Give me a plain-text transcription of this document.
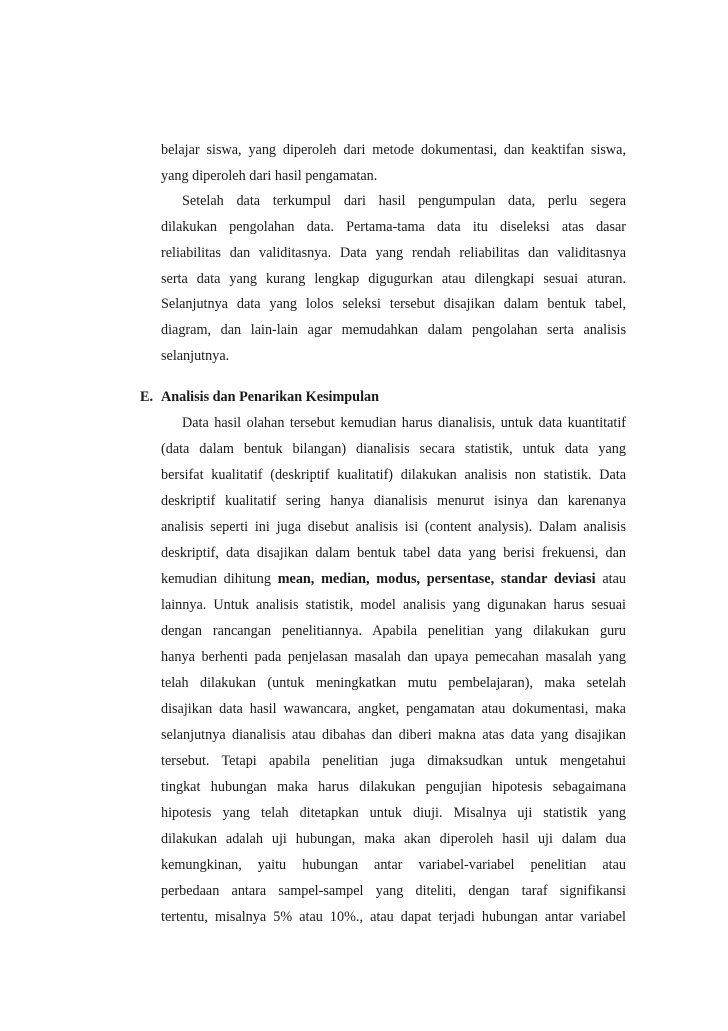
belajar siswa, yang diperoleh dari metode dokumentasi, dan keaktifan siswa,
yang diperoleh dari hasil pengamatan.
Setelah data terkumpul dari hasil pengumpulan data, perlu segera
dilakukan pengolahan data. Pertama-tama data itu diseleksi atas dasar
reliabilitas dan validitasnya. Data yang rendah reliabilitas dan validitasnya
serta data yang kurang lengkap digugurkan atau dilengkapi sesuai aturan.
Selanjutnya data yang lolos seleksi tersebut disajikan dalam bentuk tabel,
diagram, dan lain-lain agar memudahkan dalam pengolahan serta analisis
selanjutnya.
E. Analisis dan Penarikan Kesimpulan
Data hasil olahan tersebut kemudian harus dianalisis, untuk data kuantitatif
(data dalam bentuk bilangan) dianalisis secara statistik, untuk data yang
bersifat kualitatif (deskriptif kualitatif) dilakukan analisis non statistik. Data
deskriptif kualitatif sering hanya dianalisis menurut isinya dan karenanya
analisis seperti ini juga disebut analisis isi (content analysis). Dalam analisis
deskriptif, data disajikan dalam bentuk tabel data yang berisi frekuensi, dan
kemudian dihitung mean, median, modus, persentase, standar deviasi atau
lainnya. Untuk analisis statistik, model analisis yang digunakan harus sesuai
dengan rancangan penelitiannya. Apabila penelitian yang dilakukan guru
hanya berhenti pada penjelasan masalah dan upaya pemecahan masalah yang
telah dilakukan (untuk meningkatkan mutu pembelajaran), maka setelah
disajikan data hasil wawancara, angket, pengamatan atau dokumentasi, maka
selanjutnya dianalisis atau dibahas dan diberi makna atas data yang disajikan
tersebut. Tetapi apabila penelitian juga dimaksudkan untuk mengetahui
tingkat hubungan maka harus dilakukan pengujian hipotesis sebagaimana
hipotesis yang telah ditetapkan untuk diuji. Misalnya uji statistik yang
dilakukan adalah uji hubungan, maka akan diperoleh hasil uji dalam dua
kemungkinan, yaitu hubungan antar variabel-variabel penelitian atau
perbedaan antara sampel-sampel yang diteliti, dengan taraf signifikansi
tertentu, misalnya 5% atau 10%., atau dapat terjadi hubungan antar variabel
